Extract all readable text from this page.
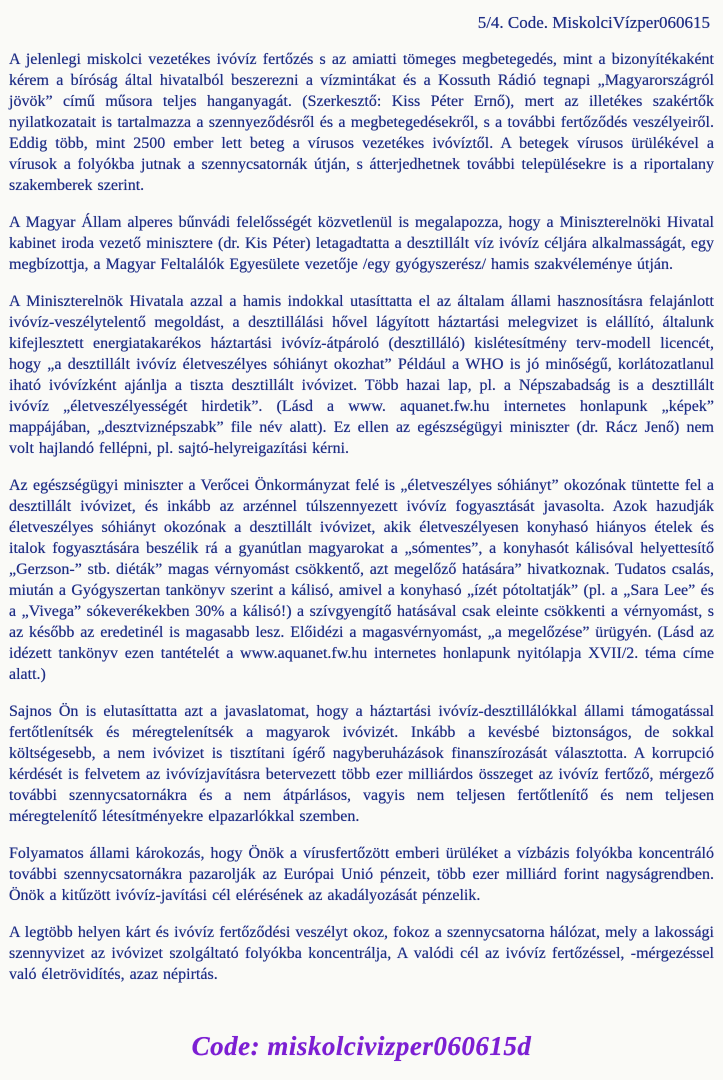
5/4. Code. MiskolciVízper060615

A jelenlegi miskolci vezetékes ivóvíz fertőzés s az amiatti tömeges megbetegedés, mint a bizonyítékaként kérem a bíróság által hivatalból beszerezni a vízmintákat és a Kossuth Rádió tegnapi „Magyarországról jövök” című műsora teljes hanganyagát. (Szerkesztő: Kiss Péter Ernő), mert az illetékes szakértők nyilatkozatait is tartalmazza a szennyeződésről és a megbetegedésekről, s a további fertőződés veszélyeiről. Eddig több, mint 2500 ember lett beteg a vírusos vezetékes ivóvíztől. A betegek vírusos ürülékével a vírusok a folyókba jutnak a szennycsatornák útján, s átterjedhetnek további településekre is a riportalany szakemberek szerint.

A Magyar Állam alperes bűnvádi felelősségét közvetlenül is megalapozza, hogy a Miniszterelnöki Hivatal kabinet iroda vezető minisztere (dr. Kis Péter) letagadtatta a desztillált víz ivóvíz céljára alkalmasságát, egy megbízottja, a Magyar Feltalálók Egyesülete vezetője /egy gyógyszerész/ hamis szakvéleménye útján.

A Miniszterelnök Hivatala azzal a hamis indokkal utasíttatta el az általam állami hasznosításra felajánlott ivóvíz-veszélytelentő megoldást, a desztillálási hővel lágyított háztartási melegvizet is elállító, általunk kifejlesztett energiatakarékos háztartási ivóvíz-átpároló (desztilláló) kislétesítmény terv-modell licencét, hogy „a desztillált ivóvíz életveszélyes sóhiányt okozhat” Például a WHO is jó minőségű, korlátozatlanul iható ivóvízként ajánlja a tiszta desztillált ivóvizet. Több hazai lap, pl. a Népszabadság is a desztillált ivóvíz „életveszélyességét hirdetik”. (Lásd a www. aquanet.fw.hu internetes honlapunk „képek” mappájában, „desztviznépszabk” file név alatt). Ez ellen az egészségügyi miniszter (dr. Rácz Jenő) nem volt hajlandó fellépni, pl. sajtó-helyreigazítási kérni.

Az egészségügyi miniszter a Verőcei Önkormányzat felé is „életveszélyes sóhiányt” okozónak tüntette fel a desztillált ivóvizet, és inkább az arzénnel túlszennyezett ivóvíz fogyasztását javasolta. Azok hazudják életveszélyes sóhiányt okozónak a desztillált ivóvizet, akik életveszélyesen konyhasó hiányos ételek és italok fogyasztására beszélik rá a gyanútlan magyarokat a „sómentes”, a konyhasót kálisóval helyettesítő „Gerzson-” stb. diéták” magas vérnyomást csökkentő, azt megelőző hatására” hivatkoznak. Tudatos csalás, miután a Gyógyszertan tankönyv szerint a kálisó, amivel a konyhasó „ízét pótoltatják” (pl. a „Sara Lee” és a „Vivega” sókeverékekben 30% a kálisó!) a szívgyengítő hatásával csak eleinte csökkenti a vérnyomást, s az később az eredetinél is magasabb lesz. Előidézi a magasvérnyomást, „a megelőzése” ürügyén. (Lásd az idézett tankönyv ezen tantételét a www.aquanet.fw.hu internetes honlapunk nyitólapja XVII/2. téma címe alatt.)

Sajnos Ön is elutasíttatta azt a javaslatomat, hogy a háztartási ivóvíz-desztillálókkal állami támogatással fertőtlenítsék és méregtelenítsék a magyarok ivóvizét. Inkább a kevésbé biztonságos, de sokkal költségesebb, a nem ivóvizet is tisztítani ígérő nagyberuházások finanszírozását választotta. A korrupció kérdését is felvetem az ivóvízjavításra betervezett több ezer milliárdos összeget az ivóvíz fertőző, mérgező további szennycsatornákra és a nem átpárlásos, vagyis nem teljesen fertőtlenítő és nem teljesen méregtelenítő létesítményekre elpazarlókkal szemben.

Folyamatos állami károkozás, hogy Önök a vírusfertőzött emberi ürüléket a vízbázis folyókba koncentráló további szennycsatornákra pazarolják az Európai Unió pénzeit, több ezer milliárd forint nagyságrendben. Önök a kitűzött ivóvíz-javítási cél elérésének az akadályozását pénzelik.

A legtöbb helyen kárt és ivóvíz fertőződési veszélyt okoz, fokoz a szennycsatorna hálózat, mely a lakossági szennyvizet az ivóvizet szolgáltató folyókba koncentrálja, A valódi cél az ivóvíz fertőzéssel, -mérgezéssel való életrövidítés, azaz népirtás.

Code: miskolcivizper060615d
